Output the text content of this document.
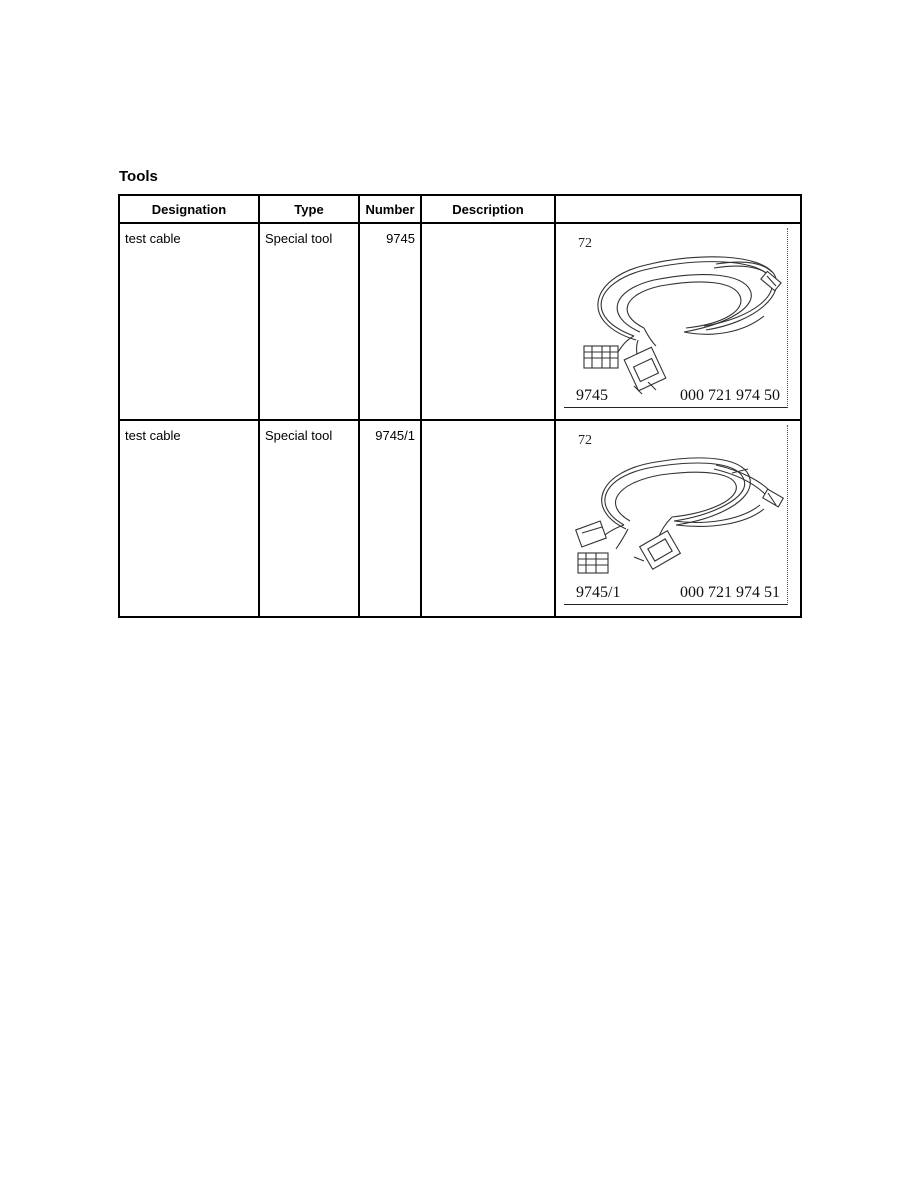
Tools
Designation	Type	Number	Description	
test cable	Special tool	9745		72
9745 000 721 974 50

test cable	Special tool	9745/1		72
9745/1 000 721 974 51
